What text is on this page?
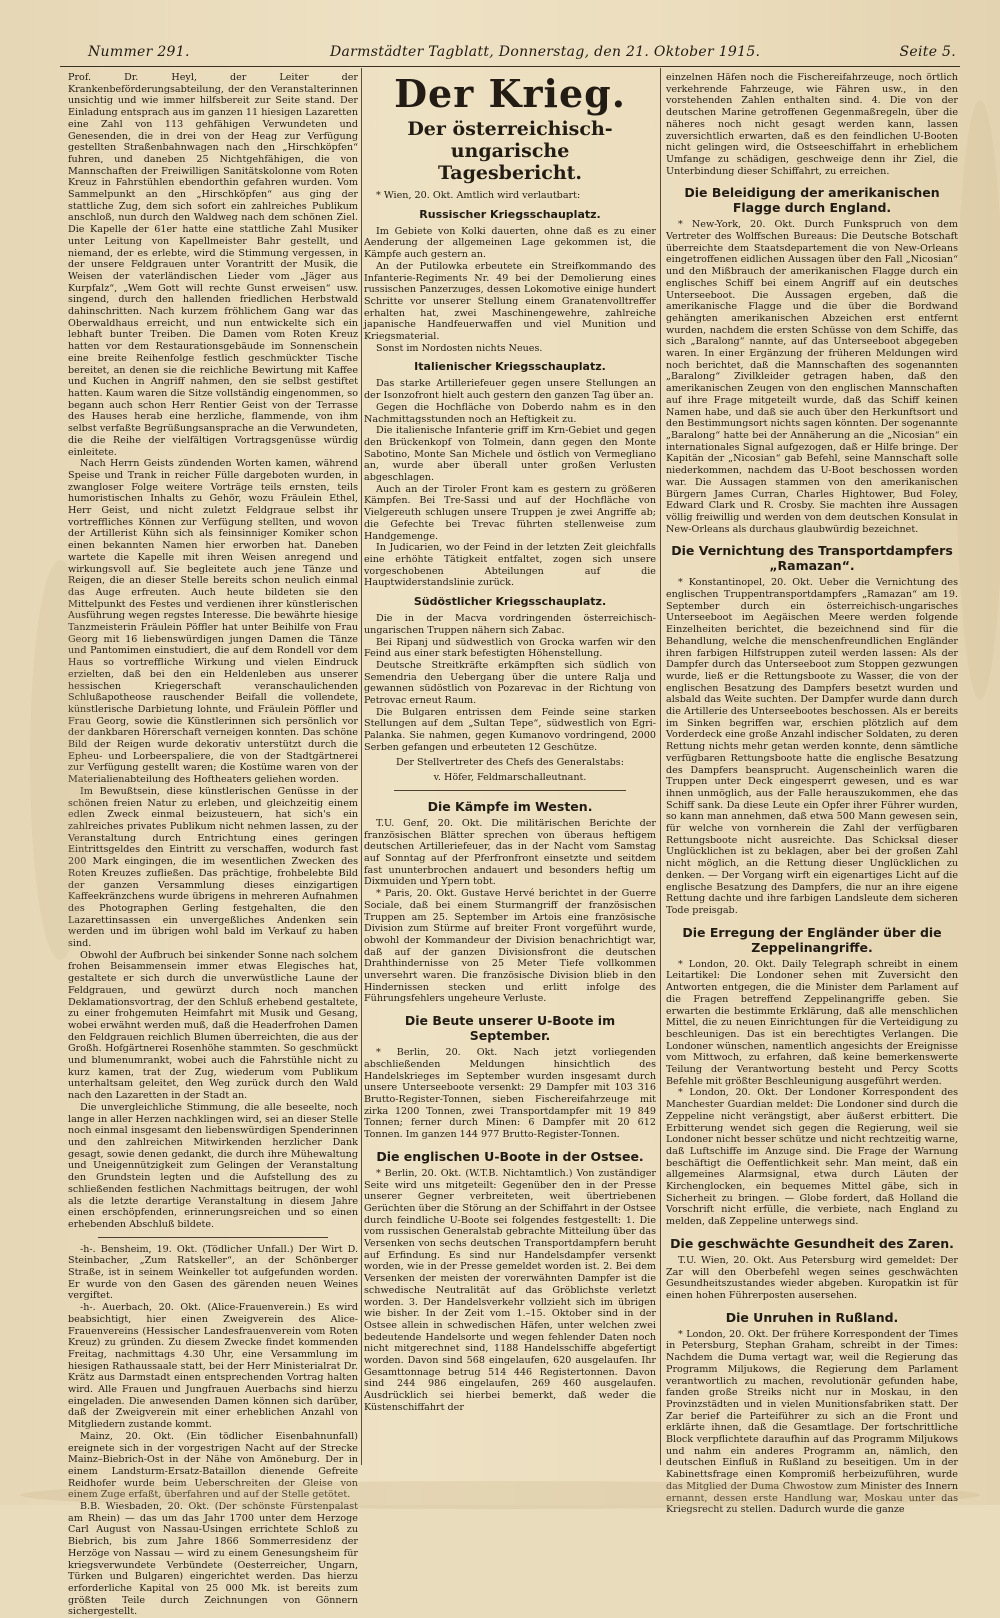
Nummer 291.	Darmstädter Tagblatt, Donnerstag, den 21. Oktober 1915.	Seite 5.

Prof. Dr. Heyl, der Leiter der Krankenbeförderungsabteilung, der den Veranstalterinnen unsichtig und wie immer hilfsbereit zur Seite stand. Der Einladung entsprach aus im ganzen 11 hiesigen Lazaretten eine Zahl von 113 gehfähigen Verwundeten und Genesenden, die in drei von der Heag zur Verfügung gestellten Straßenbahnwagen nach den „Hirschköpfen“ fuhren, und daneben 25 Nichtgehfähigen, die von Mannschaften der Freiwilligen Sanitätskolonne vom Roten Kreuz in Fahrstühlen ebendorthin gefahren wurden. Vom Sammelpunkt an den „Hirschköpfen“ aus ging der stattliche Zug, dem sich sofort ein zahlreiches Publikum anschloß, nun durch den Waldweg nach dem schönen Ziel. Die Kapelle der 61er hatte eine stattliche Zahl Musiker unter Leitung von Kapellmeister Bahr gestellt, und niemand, der es erlebte, wird die Stimmung vergessen, in der unsere Feldgrauen unter Vorantritt der Musik, die Weisen der vaterländischen Lieder vom „Jäger aus Kurpfalz“, „Wem Gott will rechte Gunst erweisen“ usw. singend, durch den hallenden friedlichen Herbstwald dahinschritten. Nach kurzem fröhlichem Gang war das Oberwaldhaus erreicht, und nun entwickelte sich ein lebhaft bunter Treiben. Die Damen vom Roten Kreuz hatten vor dem Restaurationsgebäude im Sonnenschein eine breite Reihenfolge festlich geschmückter Tische bereitet, an denen sie die reichliche Bewirtung mit Kaffee und Kuchen in Angriff nahmen, den sie selbst gestiftet hatten. Kaum waren die Sitze vollständig eingenommen, so begann auch schon Herr Rentier Geist von der Terrasse des Hauses herab eine herzliche, flammende, von ihm selbst verfaßte Begrüßungsansprache an die Verwundeten, die die Reihe der vielfältigen Vortragsgenüsse würdig einleitete.

Nach Herrn Geists zündenden Worten kamen, während Speise und Trank in reicher Fülle dargeboten wurden, in zwangloser Folge weitere Vorträge teils ernsten, teils humoristischen Inhalts zu Gehör, wozu Fräulein Ethel, Herr Geist, und nicht zuletzt Feldgraue selbst ihr vortreffliches Können zur Verfügung stellten, und wovon der Artillerist Kühn sich als feinsinniger Komiker schon einen bekannten Namen hier erworben hat. Daneben wartete die Kapelle mit ihren Weisen anregend und wirkungsvoll auf. Sie begleitete auch jene Tänze und Reigen, die an dieser Stelle bereits schon neulich einmal das Auge erfreuten. Auch heute bildeten sie den Mittelpunkt des Festes und verdienen ihrer künstlerischen Ausführung wegen regstes Interesse. Die bewährte hiesige Tanzmeisterin Fräulein Pöffler hat unter Beihilfe von Frau Georg mit 16 liebenswürdigen jungen Damen die Tänze und Pantomimen einstudiert, die auf dem Rondell vor dem Haus so vortreffliche Wirkung und vielen Eindruck erzielten, daß bei den ein Heldenleben aus unserer hessischen Kriegerschaft veranschaulichenden Schlußapotheose rauschender Beifall die vollendete, künstlerische Darbietung lohnte, und Fräulein Pöffler und Frau Georg, sowie die Künstlerinnen sich persönlich vor der dankbaren Hörerschaft verneigen konnten. Das schöne Bild der Reigen wurde dekorativ unterstützt durch die Epheu- und Lorbeerspaliere, die von der Stadtgärtnerei zur Verfügung gestellt waren; die Kostüme waren von der Materialienabteilung des Hoftheaters geliehen worden.

Im Bewußtsein, diese künstlerischen Genüsse in der schönen freien Natur zu erleben, und gleichzeitig einem edlen Zweck einmal beizusteuern, hat sich's ein zahlreiches privates Publikum nicht nehmen lassen, zu der Veranstaltung durch Entrichtung eines geringen Eintrittsgeldes den Eintritt zu verschaffen, wodurch fast 200 Mark eingingen, die im wesentlichen Zwecken des Roten Kreuzes zufließen. Das prächtige, frohbelebte Bild der ganzen Versammlung dieses einzigartigen Kaffeekränzchens wurde übrigens in mehreren Aufnahmen des Photographen Gerling festgehalten, die den Lazarettinsassen ein unvergeßliches Andenken sein werden und im übrigen wohl bald im Verkauf zu haben sind.

Obwohl der Aufbruch bei sinkender Sonne nach solchem frohen Beisammensein immer etwas Elegisches hat, gestaltete er sich durch die unverwüstliche Laune der Feldgrauen, und gewürzt durch noch manchen Deklamationsvortrag, der den Schluß erhebend gestaltete, zu einer frohgemuten Heimfahrt mit Musik und Gesang, wobei erwähnt werden muß, daß die Headerfrohen Damen den Feldgrauen reichlich Blumen überreichten, die aus der Großh. Hofgärtnerei Rosenhöhe stammten. So geschmückt und blumenumrankt, wobei auch die Fahrstühle nicht zu kurz kamen, trat der Zug, wiederum vom Publikum unterhaltsam geleitet, den Weg zurück durch den Wald nach den Lazaretten in der Stadt an.

Die unvergleichliche Stimmung, die alle beseelte, noch lange in aller Herzen nachklingen wird, sei an dieser Stelle noch einmal insgesamt den liebenswürdigen Spenderinnen und den zahlreichen Mitwirkenden herzlicher Dank gesagt, sowie denen gedankt, die durch ihre Mühewaltung und Uneigennützigkeit zum Gelingen der Veranstaltung den Grundstein legten und die Aufstellung des zu schließenden festlichen Nachmittags beitrugen, der wohl als die letzte derartige Veranstaltung in diesem Jahre einen erschöpfenden, erinnerungsreichen und so einen erhebenden Abschluß bildete.

-h-. Bensheim, 19. Okt. (Tödlicher Unfall.) Der Wirt D. Steinbacher, „Zum Ratskeller“, an der Schönberger Straße, ist in seinem Weinkeller tot aufgefunden worden. Er wurde von den Gasen des gärenden neuen Weines vergiftet.

-h-. Auerbach, 20. Okt. (Alice-Frauenverein.) Es wird beabsichtigt, hier einen Zweigverein des Alice-Frauenvereins (Hessischer Landesfrauenverein vom Roten Kreuz) zu gründen. Zu diesem Zwecke findet kommenden Freitag, nachmittags 4.30 Uhr, eine Versammlung im hiesigen Rathaussaale statt, bei der Herr Ministerialrat Dr. Krätz aus Darmstadt einen entsprechenden Vortrag halten wird. Alle Frauen und Jungfrauen Auerbachs sind hierzu eingeladen. Die anwesenden Damen können sich darüber, daß der Zweigverein mit einer erheblichen Anzahl von Mitgliedern zustande kommt.

Mainz, 20. Okt. (Ein tödlicher Eisenbahnunfall) ereignete sich in der vorgestrigen Nacht auf der Strecke Mainz–Biebrich-Ost in der Nähe von Amöneburg. Der in einem Landsturm-Ersatz-Bataillon dienende Gefreite Reidhofer wurde beim Ueberschreiten der Gleise von einem Zuge erfaßt, überfahren und auf der Stelle getötet.

B.B. Wiesbaden, 20. Okt. (Der schönste Fürstenpalast am Rhein) — das um das Jahr 1700 unter dem Herzoge Carl August von Nassau-Usingen errichtete Schloß zu Biebrich, bis zum Jahre 1866 Sommerresidenz der Herzöge von Nassau — wird zu einem Genesungsheim für kriegsverwundete Verbündete (Oesterreicher, Ungarn, Türken und Bulgaren) eingerichtet werden. Das hierzu erforderliche Kapital von 25 000 Mk. ist bereits zum größten Teile durch Zeichnungen von Gönnern sichergestellt.

Der Krieg.
Der österreichisch-ungarische
Tagesbericht.

* Wien, 20. Okt. Amtlich wird verlautbart:

Russischer Kriegsschauplatz.

Im Gebiete von Kolki dauerten, ohne daß es zu einer Aenderung der allgemeinen Lage gekommen ist, die Kämpfe auch gestern an.

An der Putilowka erbeutete ein Streifkommando des Infanterie-Regiments Nr. 49 bei der Demolierung eines russischen Panzerzuges, dessen Lokomotive einige hundert Schritte vor unserer Stellung einem Granatenvolltreffer erhalten hat, zwei Maschinengewehre, zahlreiche japanische Handfeuerwaffen und viel Munition und Kriegsmaterial.

Sonst im Nordosten nichts Neues.

Italienischer Kriegsschauplatz.

Das starke Artilleriefeuer gegen unsere Stellungen an der Isonzofront hielt auch gestern den ganzen Tag über an.

Gegen die Hochfläche von Doberdo nahm es in den Nachmittagsstunden noch an Heftigkeit zu.

Die italienische Infanterie griff im Krn-Gebiet und gegen den Brückenkopf von Tolmein, dann gegen den Monte Sabotino, Monte San Michele und östlich von Vermegliano an, wurde aber überall unter großen Verlusten abgeschlagen.

Auch an der Tiroler Front kam es gestern zu größeren Kämpfen. Bei Tre-Sassi und auf der Hochfläche von Vielgereuth schlugen unsere Truppen je zwei Angriffe ab; die Gefechte bei Trevac führten stellenweise zum Handgemenge.

In Judicarien, wo der Feind in der letzten Zeit gleichfalls eine erhöhte Tätigkeit entfaltet, zogen sich unsere vorgeschobenen Abteilungen auf die Hauptwiderstandslinie zurück.

Südöstlicher Kriegsschauplatz.

Die in der Macva vordringenden österreichisch-ungarischen Truppen nähern sich Zabac.

Bei Ripanj und südwestlich von Grocka warfen wir den Feind aus einer stark befestigten Höhenstellung.

Deutsche Streitkräfte erkämpften sich südlich von Semendria den Uebergang über die untere Ralja und gewannen südöstlich von Pozarevac in der Richtung von Petrovac erneut Raum.

Die Bulgaren entrissen dem Feinde seine starken Stellungen auf dem „Sultan Tepe“, südwestlich von Egri-Palanka. Sie nahmen, gegen Kumanovo vordringend, 2000 Serben gefangen und erbeuteten 12 Geschütze.

Der Stellvertreter des Chefs des Generalstabs:
v. Höfer, Feldmarschalleutnant.
Die Kämpfe im Westen.

T.U. Genf, 20. Okt. Die militärischen Berichte der französischen Blätter sprechen von überaus heftigem deutschen Artilleriefeuer, das in der Nacht vom Samstag auf Sonntag auf der Pferfronfront einsetzte und seitdem fast ununterbrochen andauert und besonders heftig um Dixmuiden und Ypern tobt.

* Paris, 20. Okt. Gustave Hervé berichtet in der Guerre Sociale, daß bei einem Sturmangriff der französischen Truppen am 25. September im Artois eine französische Division zum Stürme auf breiter Front vorgeführt wurde, obwohl der Kommandeur der Division benachrichtigt war, daß auf der ganzen Divisionsfront die deutschen Drahthindernisse von 25 Meter Tiefe vollkommen unversehrt waren. Die französische Division blieb in den Hindernissen stecken und erlitt infolge des Führungsfehlers ungeheure Verluste.

Die Beute unserer U-Boote im September.

* Berlin, 20. Okt. Nach jetzt vorliegenden abschließenden Meldungen hinsichtlich des Handelskrieges im September wurden insgesamt durch unsere Unterseeboote versenkt: 29 Dampfer mit 103 316 Brutto-Register-Tonnen, sieben Fischereifahrzeuge mit zirka 1200 Tonnen, zwei Transportdampfer mit 19 849 Tonnen; ferner durch Minen: 6 Dampfer mit 20 612 Tonnen. Im ganzen 144 977 Brutto-Register-Tonnen.

Die englischen U-Boote in der Ostsee.

* Berlin, 20. Okt. (W.T.B. Nichtamtlich.) Von zuständiger Seite wird uns mitgeteilt: Gegenüber den in der Presse unserer Gegner verbreiteten, weit übertriebenen Gerüchten über die Störung an der Schiffahrt in der Ostsee durch feindliche U-Boote sei folgendes festgestellt: 1. Die vom russischen Generalstab gebrachte Mitteilung über das Versenken von sechs deutschen Transportdampfern beruht auf Erfindung. Es sind nur Handelsdampfer versenkt worden, wie in der Presse gemeldet worden ist. 2. Bei dem Versenken der meisten der vorerwähnten Dampfer ist die schwedische Neutralität auf das Gröblichste verletzt worden. 3. Der Handelsverkehr vollzieht sich im übrigen wie bisher. In der Zeit vom 1.–15. Oktober sind in der Ostsee allein in schwedischen Häfen, unter welchen zwei bedeutende Handelsorte und wegen fehlender Daten noch nicht mitgerechnet sind, 1188 Handelsschiffe abgefertigt worden. Davon sind 568 eingelaufen, 620 ausgelaufen. Ihr Gesamttonnage betrug 514 446 Registertonnen. Davon sind 244 986 eingelaufen, 269 460 ausgelaufen. Ausdrücklich sei hierbei bemerkt, daß weder die Küstenschiffahrt der

einzelnen Häfen noch die Fischereifahrzeuge, noch örtlich verkehrende Fahrzeuge, wie Fähren usw., in den vorstehenden Zahlen enthalten sind. 4. Die von der deutschen Marine getroffenen Gegenmaßregeln, über die näheres noch nicht gesagt werden kann, lassen zuversichtlich erwarten, daß es den feindlichen U-Booten nicht gelingen wird, die Ostseeschiffahrt in erheblichem Umfange zu schädigen, geschweige denn ihr Ziel, die Unterbindung dieser Schiffahrt, zu erreichen.

Die Beleidigung der amerikanischen Flagge durch England.

* New-York, 20. Okt. Durch Funkspruch von dem Vertreter des Wolffschen Bureaus: Die Deutsche Botschaft überreichte dem Staatsdepartement die von New-Orleans eingetroffenen eidlichen Aussagen über den Fall „Nicosian“ und den Mißbrauch der amerikanischen Flagge durch ein englisches Schiff bei einem Angriff auf ein deutsches Unterseeboot. Die Aussagen ergeben, daß die amerikanische Flagge und die über die Bordwand gehängten amerikanischen Abzeichen erst entfernt wurden, nachdem die ersten Schüsse von dem Schiffe, das sich „Baralong“ nannte, auf das Unterseeboot abgegeben waren. In einer Ergänzung der früheren Meldungen wird noch berichtet, daß die Mannschaften des sogenannten „Baralong“ Zivilkleider getragen haben, daß den amerikanischen Zeugen von den englischen Mannschaften auf ihre Frage mitgeteilt wurde, daß das Schiff keinen Namen habe, und daß sie auch über den Herkunftsort und den Bestimmungsort nichts sagen könnten. Der sogenannte „Baralong“ hatte bei der Annäherung an die „Nicosian“ ein internationales Signal aufgezogen, daß er Hilfe bringe. Der Kapitän der „Nicosian“ gab Befehl, seine Mannschaft solle niederkommen, nachdem das U-Boot beschossen worden war. Die Aussagen stammen von den amerikanischen Bürgern James Curran, Charles Hightower, Bud Foley, Edward Clark und R. Crosby. Sie machten ihre Aussagen völlig freiwillig und werden von dem deutschen Konsulat in New-Orleans als durchaus glaubwürdig bezeichnet.

Die Vernichtung des Transportdampfers „Ramazan“.

* Konstantinopel, 20. Okt. Ueber die Vernichtung des englischen Truppentransportdampfers „Ramazan“ am 19. September durch ein österreichisch-ungarisches Unterseeboot im Aegäischen Meere werden folgende Einzelheiten berichtet, die bezeichnend sind für die Behandlung, welche die menschenfreundlichen Engländer ihren farbigen Hilfstruppen zuteil werden lassen: Als der Dampfer durch das Unterseeboot zum Stoppen gezwungen wurde, ließ er die Rettungsboote zu Wasser, die von der englischen Besatzung des Dampfers besetzt wurden und alsbald das Weite suchten. Der Dampfer wurde dann durch die Artillerie des Unterseebootes beschossen. Als er bereits im Sinken begriffen war, erschien plötzlich auf dem Vorderdeck eine große Anzahl indischer Soldaten, zu deren Rettung nichts mehr getan werden konnte, denn sämtliche verfügbaren Rettungsboote hatte die englische Besatzung des Dampfers beansprucht. Augenscheinlich waren die Truppen unter Deck eingesperrt gewesen, und es war ihnen unmöglich, aus der Falle herauszukommen, ehe das Schiff sank. Da diese Leute ein Opfer ihrer Führer wurden, so kann man annehmen, daß etwa 500 Mann gewesen sein, für welche von vornherein die Zahl der verfügbaren Rettungsboote nicht ausreichte. Das Schicksal dieser Unglücklichen ist zu beklagen, aber bei der großen Zahl nicht möglich, an die Rettung dieser Unglücklichen zu denken. — Der Vorgang wirft ein eigenartiges Licht auf die englische Besatzung des Dampfers, die nur an ihre eigene Rettung dachte und ihre farbigen Landsleute dem sicheren Tode preisgab.

Die Erregung der Engländer über die Zeppelinangriffe.

* London, 20. Okt. Daily Telegraph schreibt in einem Leitartikel: Die Londoner sehen mit Zuversicht den Antworten entgegen, die die Minister dem Parlament auf die Fragen betreffend Zeppelinangriffe geben. Sie erwarten die bestimmte Erklärung, daß alle menschlichen Mittel, die zu neuen Einrichtungen für die Verteidigung zu beschleunigen. Das ist ein berechtigtes Verlangen. Die Londoner wünschen, namentlich angesichts der Ereignisse vom Mittwoch, zu erfahren, daß keine bemerkenswerte Teilung der Verantwortung besteht und Percy Scotts Befehle mit größter Beschleunigung ausgeführt werden.

* London, 20. Okt. Der Londoner Korrespondent des Manchester Guardian meldet: Die Londoner sind durch die Zeppeline nicht verängstigt, aber äußerst erbittert. Die Erbitterung wendet sich gegen die Regierung, weil sie Londoner nicht besser schütze und nicht rechtzeitig warne, daß Luftschiffe im Anzuge sind. Die Frage der Warnung beschäftigt die Oeffentlichkeit sehr. Man meint, daß ein allgemeines Alarmsignal, etwa durch Läuten der Kirchenglocken, ein bequemes Mittel gäbe, sich in Sicherheit zu bringen. — Globe fordert, daß Holland die Vorschrift nicht erfülle, die verbiete, nach England zu melden, daß Zeppeline unterwegs sind.

Die geschwächte Gesundheit des Zaren.

T.U. Wien, 20. Okt. Aus Petersburg wird gemeldet: Der Zar will den Oberbefehl wegen seines geschwächten Gesundheitszustandes wieder abgeben. Kuropatkin ist für einen hohen Führerposten ausersehen.

Die Unruhen in Rußland.

* London, 20. Okt. Der frühere Korrespondent der Times in Petersburg, Stephan Graham, schreibt in der Times: Nachdem die Duma vertagt war, weil die Regierung das Programm Miljukows, die Regierung dem Parlament verantwortlich zu machen, revolutionär gefunden habe, fanden große Streiks nicht nur in Moskau, in den Provinzstädten und in vielen Munitionsfabriken statt. Der Zar berief die Parteiführer zu sich an die Front und erklärte ihnen, daß die Gesamtlage. Der fortschrittliche Block verpflichtete daraufhin auf das Programm Miljukows und nahm ein anderes Programm an, nämlich, den deutschen Einfluß in Rußland zu beseitigen. Um in der Kabinettsfrage einen Kompromiß herbeizuführen, wurde das Mitglied der Duma Chwostow zum Minister des Innern ernannt, dessen erste Handlung war, Moskau unter das Kriegsrecht zu stellen. Dadurch wurde die ganze
